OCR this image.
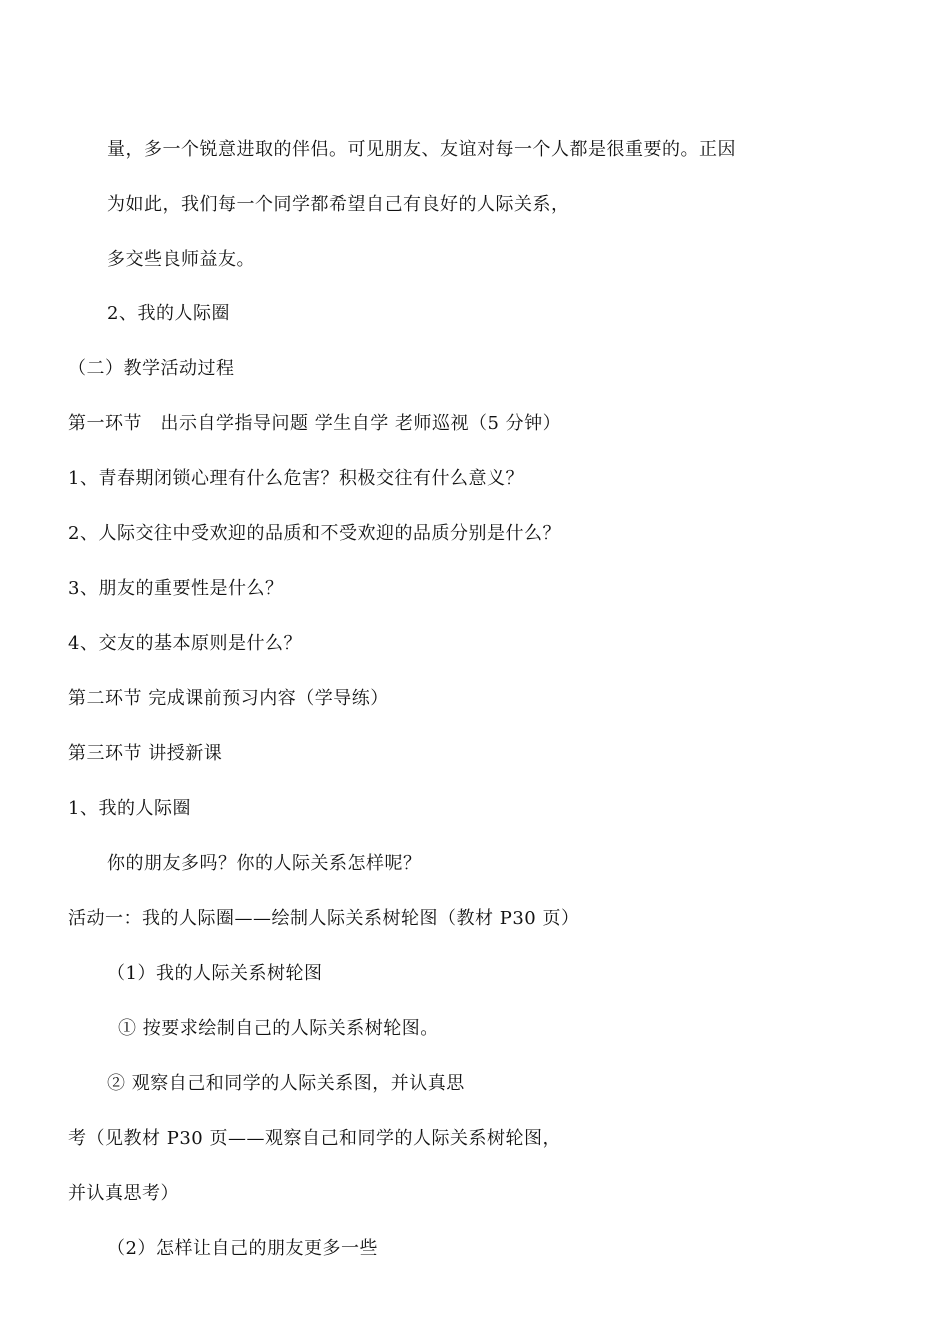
量，多一个锐意进取的伴侣。可见朋友、友谊对每一个人都是很重要的。正因
为如此，我们每一个同学都希望自己有良好的人际关系，
多交些良师益友。
2、我的人际圈
（二）教学活动过程
第一环节　出示自学指导问题 学生自学 老师巡视（5 分钟）
1、青春期闭锁心理有什么危害？积极交往有什么意义？
2、人际交往中受欢迎的品质和不受欢迎的品质分别是什么？
3、朋友的重要性是什么？
4、交友的基本原则是什么？
第二环节 完成课前预习内容（学导练）
第三环节 讲授新课
1、我的人际圈
你的朋友多吗？你的人际关系怎样呢？
活动一：我的人际圈——绘制人际关系树轮图（教材 P30 页）
（1）我的人际关系树轮图
① 按要求绘制自己的人际关系树轮图。
② 观察自己和同学的人际关系图，并认真思
考（见教材 P30 页——观察自己和同学的人际关系树轮图，
并认真思考）
（2）怎样让自己的朋友更多一些
